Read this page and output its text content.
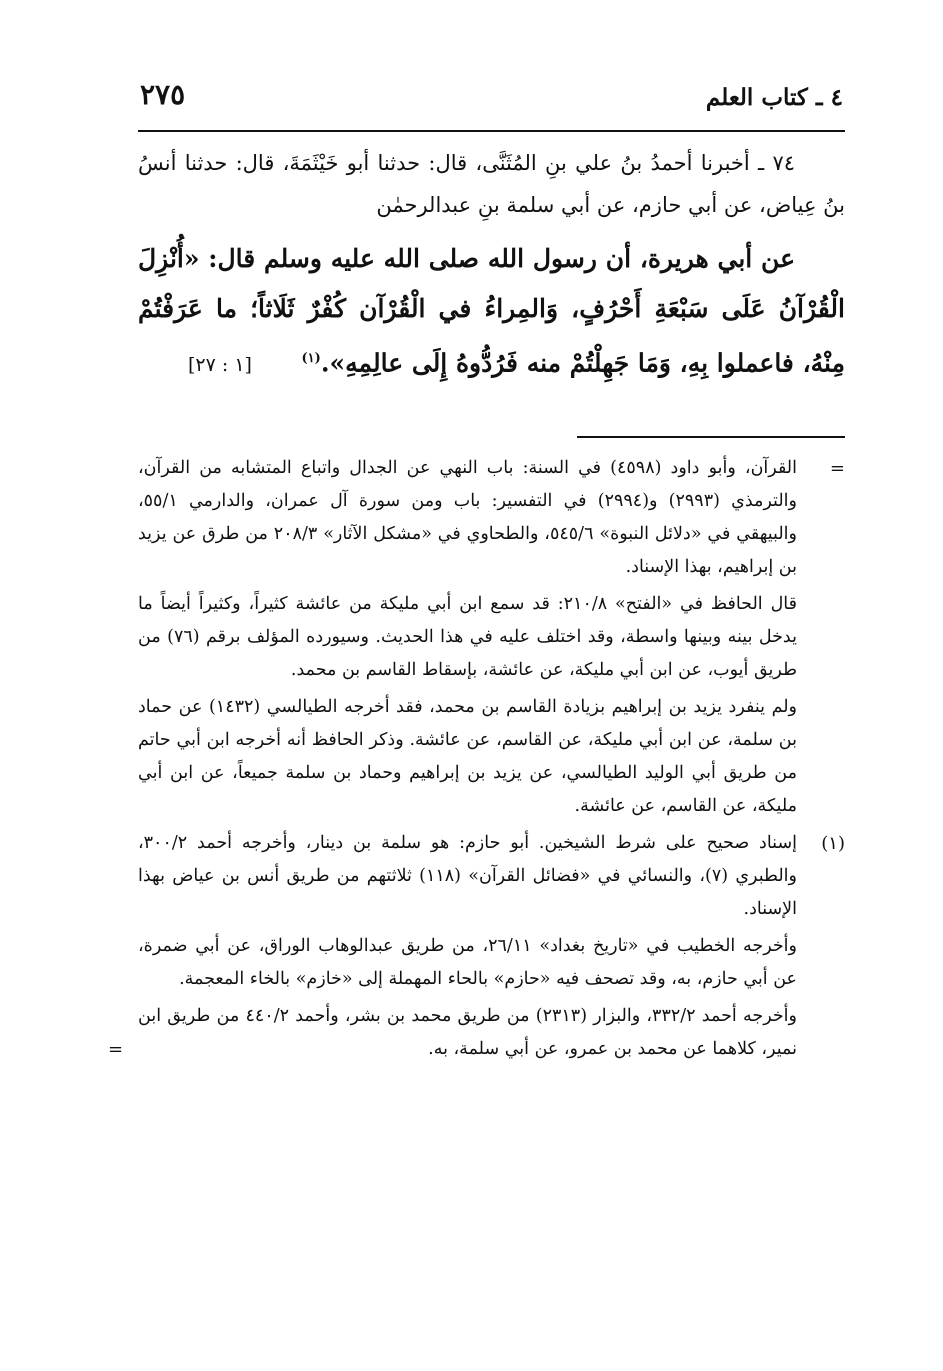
٤ ـ كتاب العلم
٢٧٥

٧٤ ـ أخبرنا أحمدُ بنُ علي بنِ المُثَنَّى، قال: حدثنا أبو خَيْثَمَةَ، قال: حدثنا أنسُ بنُ عِياض، عن أبي حازم، عن أبي سلمة بنِ عبدالرحمٰن

عن أبي هريرة، أن رسول الله صلى الله عليه وسلم قال: «أُنْزِلَ الْقُرْآنُ عَلَى سَبْعَةِ أَحْرُفٍ، وَالمِراءُ في الْقُرْآن كُفْرٌ ثَلَاثاً؛ ما عَرَفْتُمْ مِنْهُ، فاعملوا بِهِ، وَمَا جَهِلْتُمْ منه فَرُدُّوهُ إِلَى عالِمِهِ».$^{(١)}$
[١ : ٢٧]

=

القرآن، وأبو داود (٤٥٩٨) في السنة: باب النهي عن الجدال واتباع المتشابه من القرآن، والترمذي (٢٩٩٣) و(٢٩٩٤) في التفسير: باب ومن سورة آل عمران، والدارمي ٥٥/١، والبيهقي في «دلائل النبوة» ٥٤٥/٦، والطحاوي في «مشكل الآثار» ٢٠٨/٣ من طرق عن يزيد بن إبراهيم، بهذا الإسناد.

قال الحافظ في «الفتح» ٢١٠/٨: قد سمع ابن أبي مليكة من عائشة كثيراً، وكثيراً أيضاً ما يدخل بينه وبينها واسطة، وقد اختلف عليه في هذا الحديث. وسيورده المؤلف برقم (٧٦) من طريق أيوب، عن ابن أبي مليكة، عن عائشة، بإسقاط القاسم بن محمد.

ولم ينفرد يزيد بن إبراهيم بزيادة القاسم بن محمد، فقد أخرجه الطيالسي (١٤٣٢) عن حماد بن سلمة، عن ابن أبي مليكة، عن القاسم، عن عائشة. وذكر الحافظ أنه أخرجه ابن أبي حاتم من طريق أبي الوليد الطيالسي، عن يزيد بن إبراهيم وحماد بن سلمة جميعاً، عن ابن أبي مليكة، عن القاسم، عن عائشة.

(١)

إسناد صحيح على شرط الشيخين. أبو حازم: هو سلمة بن دينار، وأخرجه أحمد ٣٠٠/٢، والطبري (٧)، والنسائي في «فضائل القرآن» (١١٨) ثلاثتهم من طريق أنس بن عياض بهذا الإسناد.

وأخرجه الخطيب في «تاريخ بغداد» ٢٦/١١، من طريق عبدالوهاب الوراق، عن أبي ضمرة، عن أبي حازم، به، وقد تصحف فيه «حازم» بالحاء المهملة إلى «خازم» بالخاء المعجمة.

وأخرجه أحمد ٣٣٢/٢، والبزار (٢٣١٣) من طريق محمد بن بشر، وأحمد ٤٤٠/٢ من طريق ابن نمير، كلاهما عن محمد بن عمرو، عن أبي سلمة، به.

=
